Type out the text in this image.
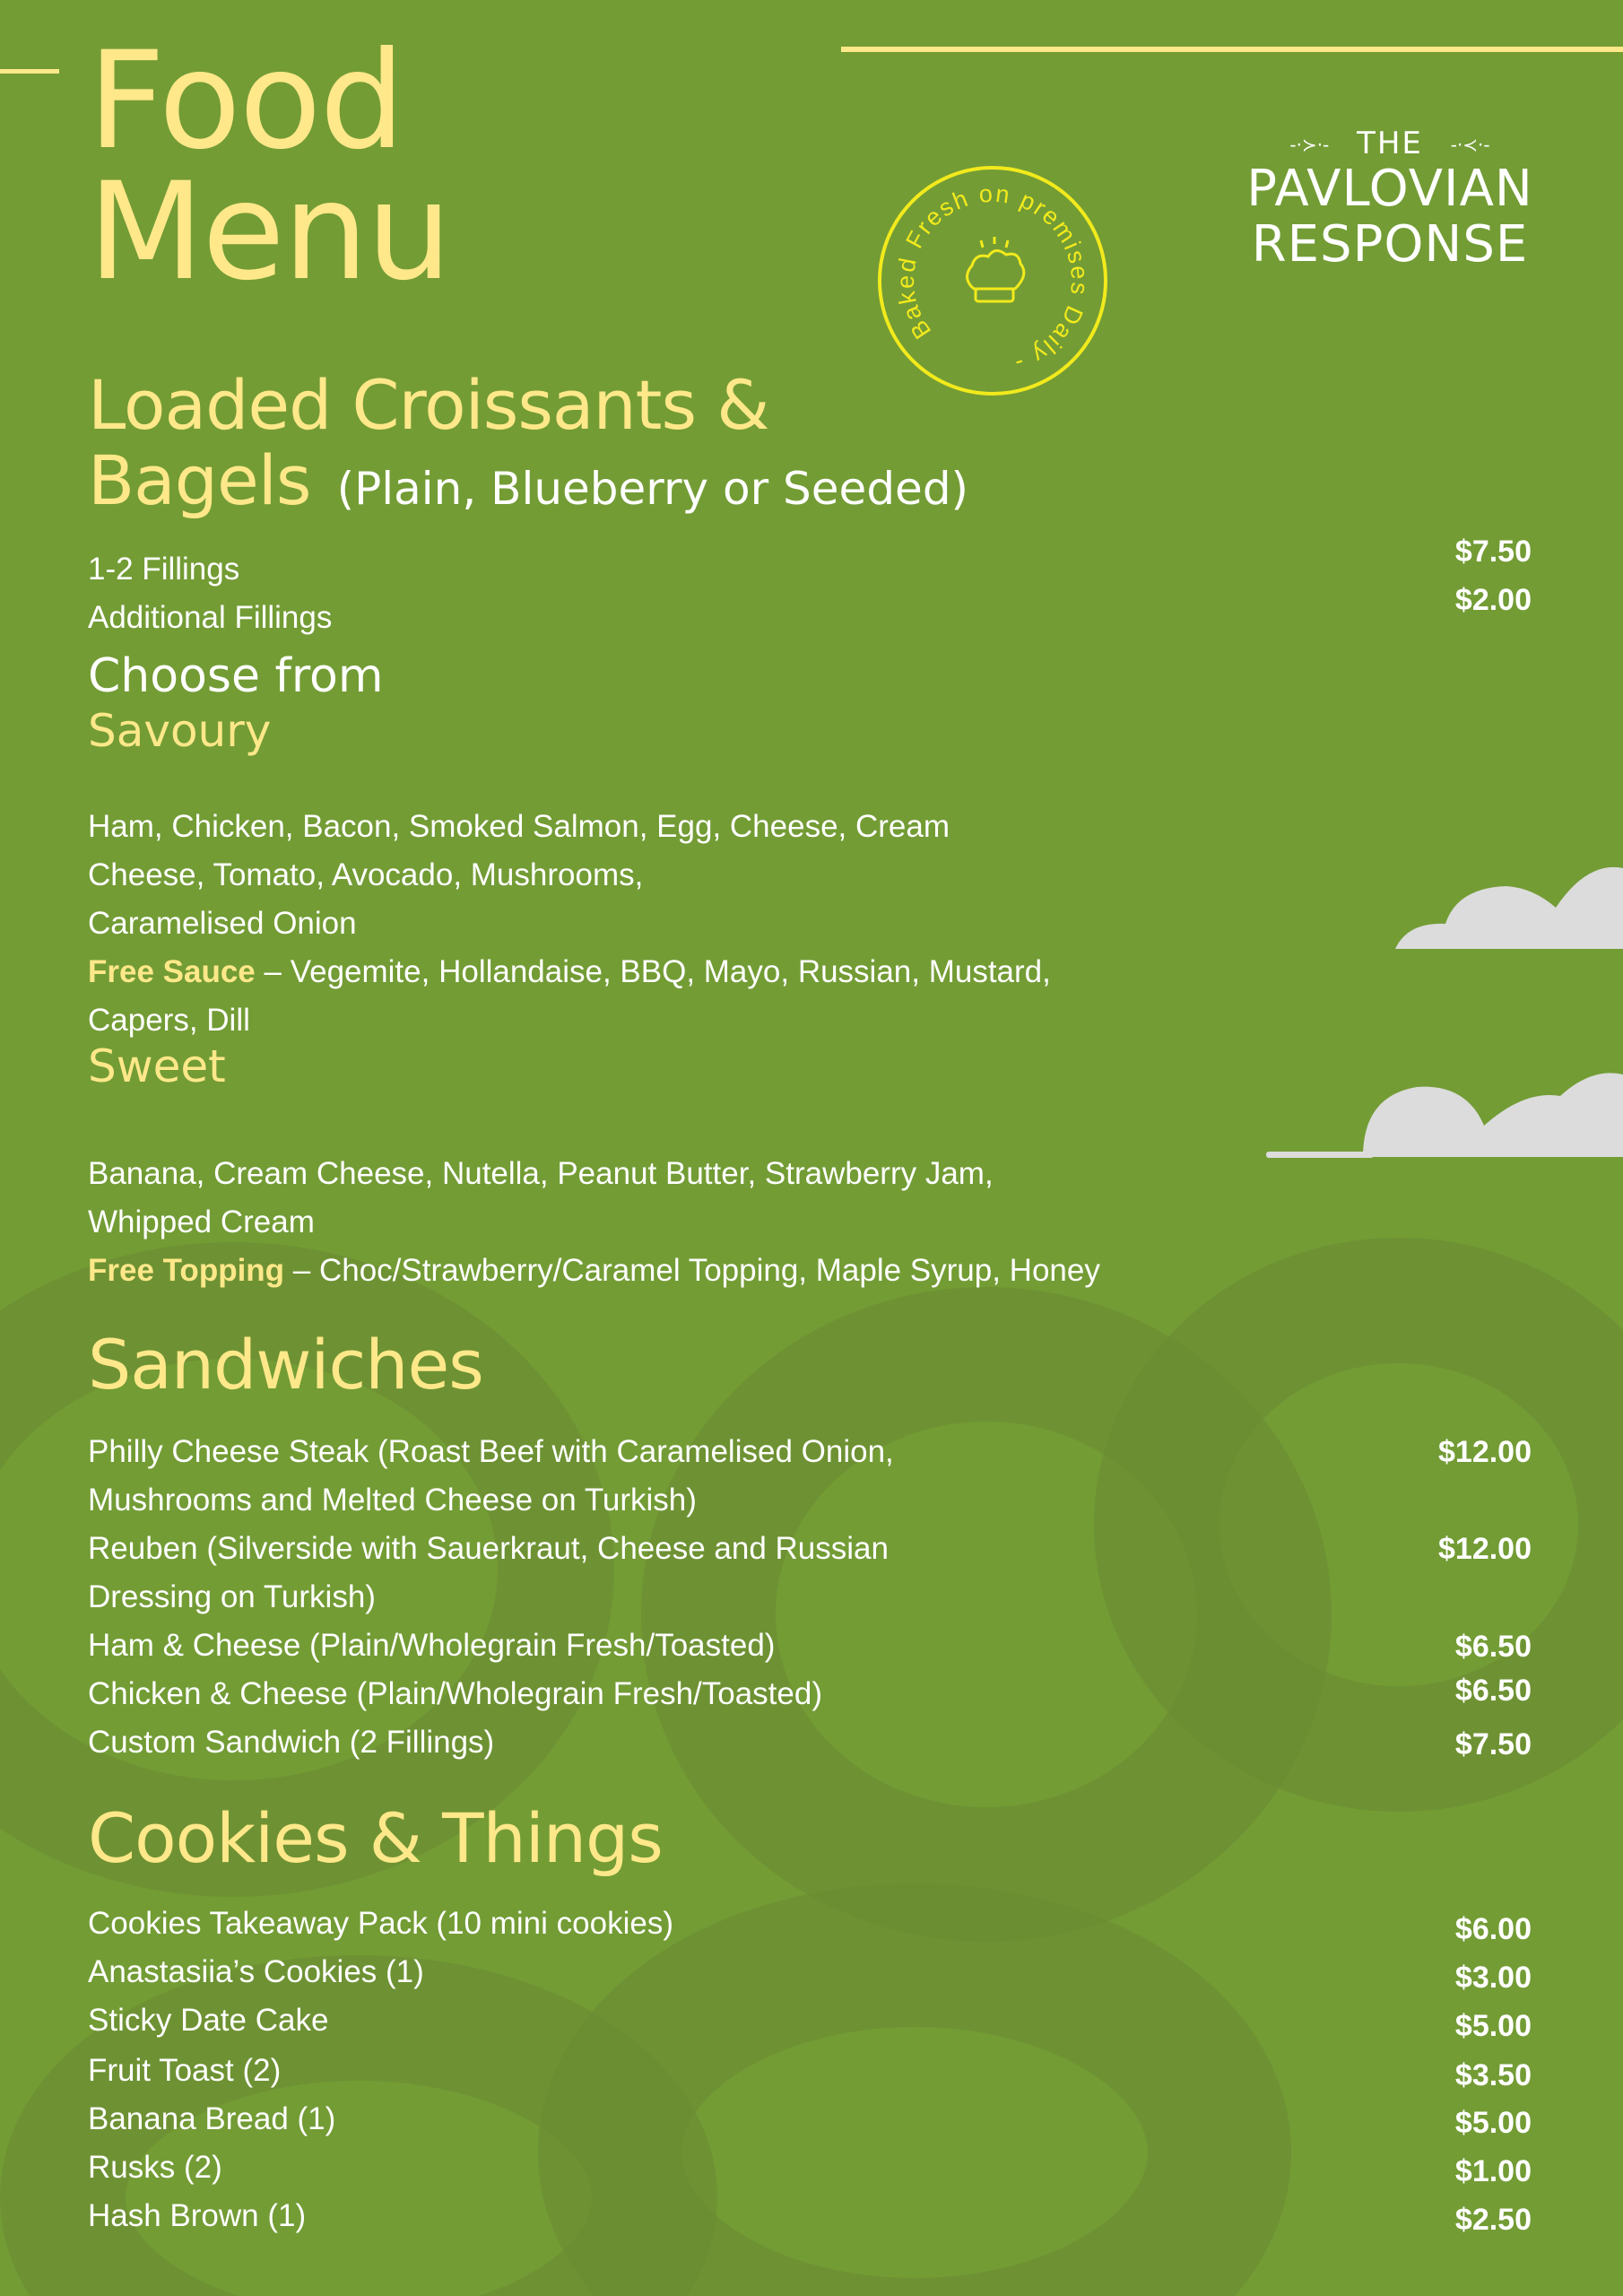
Food
Menu
Baked Fresh on premises Daily -
-·≻·- THE -·≺·-
PAVLOVIAN
RESPONSE
Loaded Croissants &
Bagels (Plain, Blueberry or Seeded)
1-2 Fillings	$7.50
Additional Fillings	$2.00
Choose from
Savoury
Ham, Chicken, Bacon, Smoked Salmon, Egg, Cheese, Cream
Cheese, Tomato, Avocado, Mushrooms,
Caramelised Onion
Free Sauce – Vegemite, Hollandaise, BBQ, Mayo, Russian, Mustard,
Capers, Dill
Sweet
Banana, Cream Cheese, Nutella, Peanut Butter, Strawberry Jam,
Whipped Cream
Free Topping – Choc/Strawberry/Caramel Topping, Maple Syrup, Honey
Sandwiches
Philly Cheese Steak (Roast Beef with Caramelised Onion,
Mushrooms and Melted Cheese on Turkish)
$12.00
Reuben (Silverside with Sauerkraut, Cheese and Russian
Dressing on Turkish)
$12.00
Ham & Cheese (Plain/Wholegrain Fresh/Toasted)	$6.50
Chicken & Cheese (Plain/Wholegrain Fresh/Toasted)	$6.50
Custom Sandwich (2 Fillings)	$7.50
Cookies & Things
Cookies Takeaway Pack (10 mini cookies)	$6.00
Anastasiia’s Cookies (1)	$3.00
Sticky Date Cake	$5.00
Fruit Toast (2)	$3.50
Banana Bread (1)	$5.00
Rusks (2)	$1.00
Hash Brown (1)	$2.50
